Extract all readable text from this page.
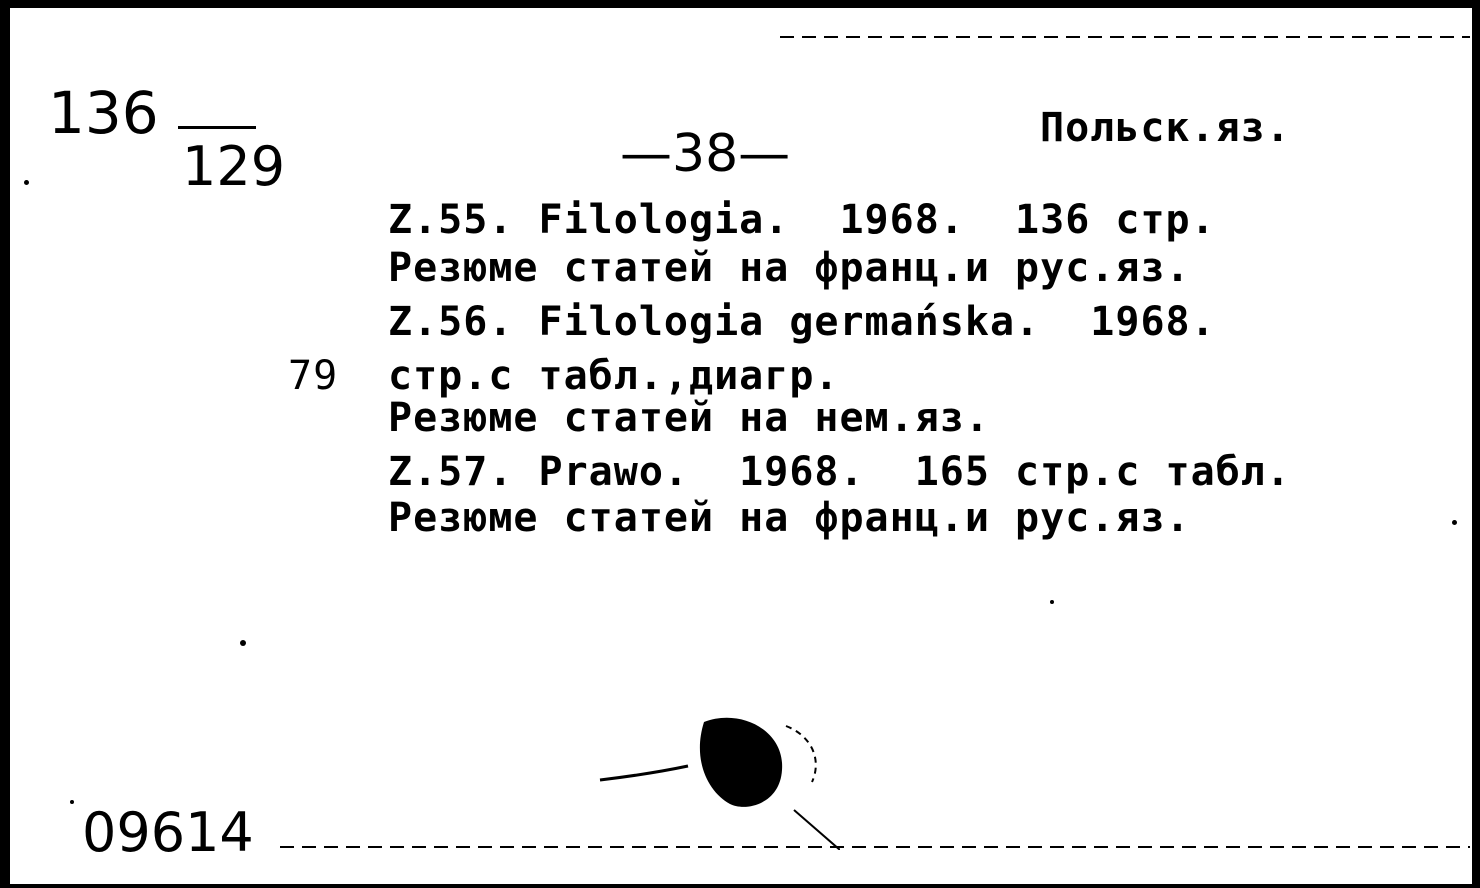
136
129	—38—	Польск.яз.
Z.55. Filologia.  1968.  136 стр.
Резюме статей на франц.и рус.яз.
Z.56. Filologia germańska.  1968.
79 стр.с табл.,диагр.
Резюме статей на нем.яз.
Z.57. Prawo.  1968.  165 стр.с табл.
Резюме статей на франц.и рус.яз.
09614
